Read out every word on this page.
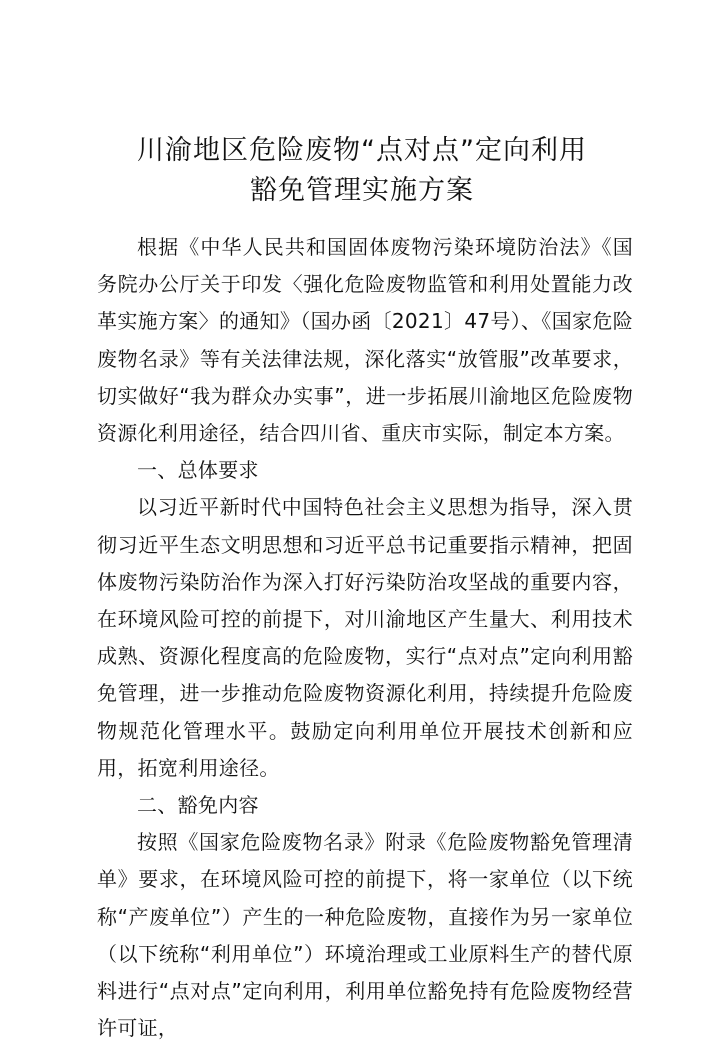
川渝地区危险废物“点对点”定向利用
豁免管理实施方案

根据《中华人民共和国固体废物污染环境防治法》《国务院办公厅关于印发〈强化危险废物监管和利用处置能力改革实施方案〉的通知》（国办函〔2021〕47号）、《国家危险废物名录》等有关法律法规，深化落实“放管服”改革要求，切实做好“我为群众办实事”，进一步拓展川渝地区危险废物资源化利用途径，结合四川省、重庆市实际，制定本方案。

一、总体要求

以习近平新时代中国特色社会主义思想为指导，深入贯彻习近平生态文明思想和习近平总书记重要指示精神，把固体废物污染防治作为深入打好污染防治攻坚战的重要内容，在环境风险可控的前提下，对川渝地区产生量大、利用技术成熟、资源化程度高的危险废物，实行“点对点”定向利用豁免管理，进一步推动危险废物资源化利用，持续提升危险废物规范化管理水平。鼓励定向利用单位开展技术创新和应用，拓宽利用途径。

二、豁免内容

按照《国家危险废物名录》附录《危险废物豁免管理清单》要求，在环境风险可控的前提下，将一家单位（以下统称“产废单位”）产生的一种危险废物，直接作为另一家单位（以下统称“利用单位”）环境治理或工业原料生产的替代原料进行“点对点”定向利用，利用单位豁免持有危险废物经营许可证，
